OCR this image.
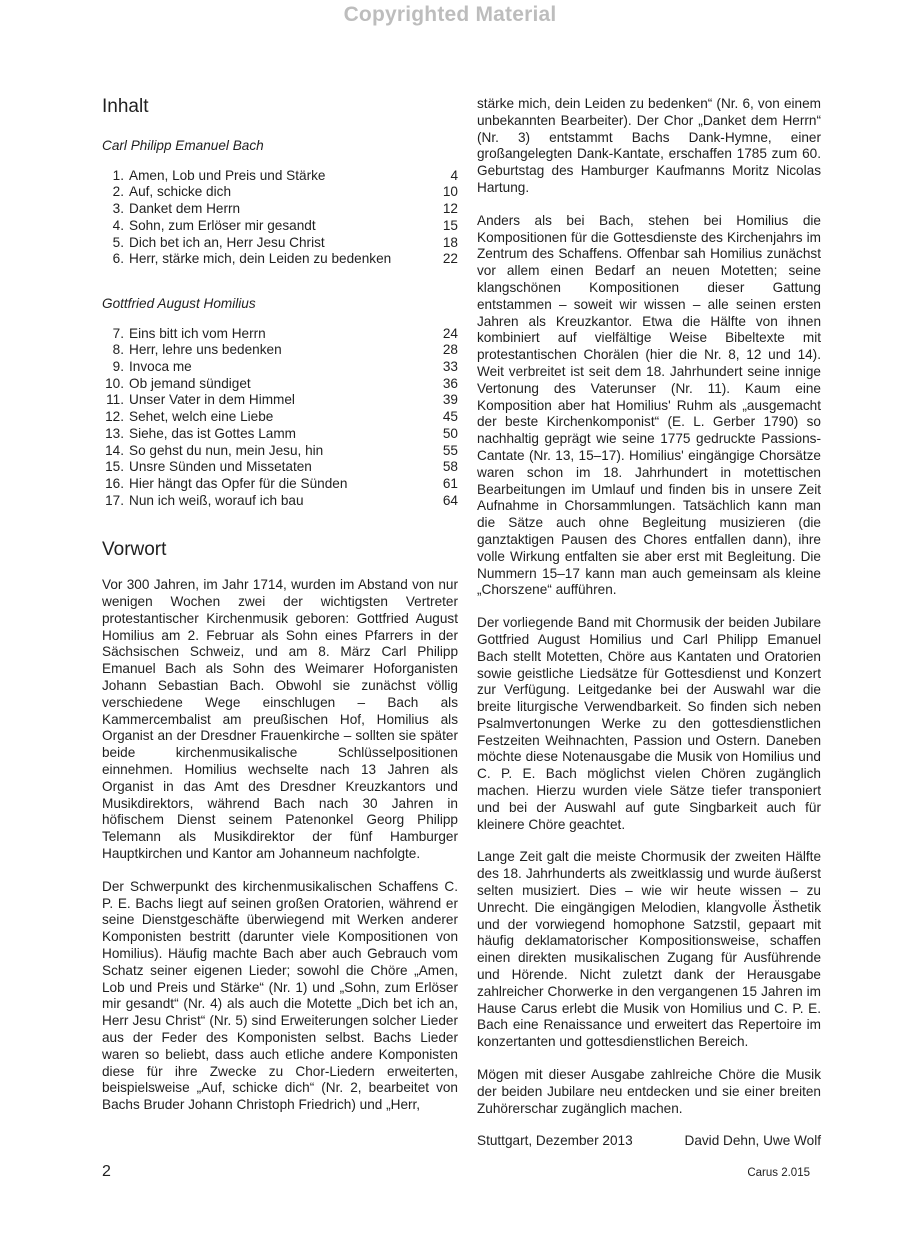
Copyrighted Material
Inhalt
Carl Philipp Emanuel Bach
1. Amen, Lob und Preis und Stärke	4
2. Auf, schicke dich	10
3. Danket dem Herrn	12
4. Sohn, zum Erlöser mir gesandt	15
5. Dich bet ich an, Herr Jesu Christ	18
6. Herr, stärke mich, dein Leiden zu bedenken	22
Gottfried August Homilius
7. Eins bitt ich vom Herrn	24
8. Herr, lehre uns bedenken	28
9. Invoca me	33
10. Ob jemand sündiget	36
11. Unser Vater in dem Himmel	39
12. Sehet, welch eine Liebe	45
13. Siehe, das ist Gottes Lamm	50
14. So gehst du nun, mein Jesu, hin	55
15. Unsre Sünden und Missetaten	58
16. Hier hängt das Opfer für die Sünden	61
17. Nun ich weiß, worauf ich bau	64
Vorwort

Vor 300 Jahren, im Jahr 1714, wurden im Abstand von nur wenigen Wochen zwei der wichtigsten Vertreter protestantischer Kirchenmusik geboren: Gottfried August Homilius am 2. Februar als Sohn eines Pfarrers in der Sächsischen Schweiz, und am 8. März Carl Philipp Emanuel Bach als Sohn des Weimarer Hoforganisten Johann Sebastian Bach. Obwohl sie zunächst völlig verschiedene Wege einschlugen – Bach als Kammercembalist am preußischen Hof, Homilius als Organist an der Dresdner Frauenkirche – sollten sie später beide kirchenmusikalische Schlüsselpositionen einnehmen. Homilius wechselte nach 13 Jahren als Organist in das Amt des Dresdner Kreuzkantors und Musikdirektors, während Bach nach 30 Jahren in höfischem Dienst seinem Patenonkel Georg Philipp Telemann als Musikdirektor der fünf Hamburger Hauptkirchen und Kantor am Johanneum nachfolgte.

Der Schwerpunkt des kirchenmusikalischen Schaffens C. P. E. Bachs liegt auf seinen großen Oratorien, während er seine Dienstgeschäfte überwiegend mit Werken anderer Komponisten bestritt (darunter viele Kompositionen von Homilius). Häufig machte Bach aber auch Gebrauch vom Schatz seiner eigenen Lieder; sowohl die Chöre „Amen, Lob und Preis und Stärke“ (Nr. 1) und „Sohn, zum Erlöser mir gesandt“ (Nr. 4) als auch die Motette „Dich bet ich an, Herr Jesu Christ“ (Nr. 5) sind Erweiterungen solcher Lieder aus der Feder des Komponisten selbst. Bachs Lieder waren so beliebt, dass auch etliche andere Komponisten diese für ihre Zwecke zu Chor-Liedern erweiterten, beispielsweise „Auf, schicke dich“ (Nr. 2, bearbeitet von Bachs Bruder Johann Christoph Friedrich) und „Herr,

stärke mich, dein Leiden zu bedenken“ (Nr. 6, von einem unbekannten Bearbeiter). Der Chor „Danket dem Herrn“ (Nr. 3) entstammt Bachs Dank-Hymne, einer großangelegten Dank-Kantate, erschaffen 1785 zum 60. Geburtstag des Hamburger Kaufmanns Moritz Nicolas Hartung.

Anders als bei Bach, stehen bei Homilius die Kompositionen für die Gottesdienste des Kirchenjahrs im Zentrum des Schaffens. Offenbar sah Homilius zunächst vor allem einen Bedarf an neuen Motetten; seine klangschönen Kompositionen dieser Gattung entstammen – soweit wir wissen – alle seinen ersten Jahren als Kreuzkantor. Etwa die Hälfte von ihnen kombiniert auf vielfältige Weise Bibeltexte mit protestantischen Chorälen (hier die Nr. 8, 12 und 14). Weit verbreitet ist seit dem 18. Jahrhundert seine innige Vertonung des Vaterunser (Nr. 11). Kaum eine Komposition aber hat Homilius' Ruhm als „ausgemacht der beste Kirchenkomponist“ (E. L. Gerber 1790) so nachhaltig geprägt wie seine 1775 gedruckte Passions-Cantate (Nr. 13, 15–17). Homilius' eingängige Chorsätze waren schon im 18. Jahrhundert in motettischen Bearbeitungen im Umlauf und finden bis in unsere Zeit Aufnahme in Chorsammlungen. Tatsächlich kann man die Sätze auch ohne Begleitung musizieren (die ganztaktigen Pausen des Chores entfallen dann), ihre volle Wirkung entfalten sie aber erst mit Begleitung. Die Nummern 15–17 kann man auch gemeinsam als kleine „Chorszene“ aufführen.

Der vorliegende Band mit Chormusik der beiden Jubilare Gottfried August Homilius und Carl Philipp Emanuel Bach stellt Motetten, Chöre aus Kantaten und Oratorien sowie geistliche Liedsätze für Gottesdienst und Konzert zur Verfügung. Leitgedanke bei der Auswahl war die breite liturgische Verwendbarkeit. So finden sich neben Psalmvertonungen Werke zu den gottesdienstlichen Festzeiten Weihnachten, Passion und Ostern. Daneben möchte diese Notenausgabe die Musik von Homilius und C. P. E. Bach möglichst vielen Chören zugänglich machen. Hierzu wurden viele Sätze tiefer transponiert und bei der Auswahl auf gute Singbarkeit auch für kleinere Chöre geachtet.

Lange Zeit galt die meiste Chormusik der zweiten Hälfte des 18. Jahrhunderts als zweitklassig und wurde äußerst selten musiziert. Dies – wie wir heute wissen – zu Unrecht. Die eingängigen Melodien, klangvolle Ästhetik und der vorwiegend homophone Satzstil, gepaart mit häufig deklamatorischer Kompositionsweise, schaffen einen direkten musikalischen Zugang für Ausführende und Hörende. Nicht zuletzt dank der Herausgabe zahlreicher Chorwerke in den vergangenen 15 Jahren im Hause Carus erlebt die Musik von Homilius und C. P. E. Bach eine Renaissance und erweitert das Repertoire im konzertanten und gottesdienstlichen Bereich.

Mögen mit dieser Ausgabe zahlreiche Chöre die Musik der beiden Jubilare neu entdecken und sie einer breiten Zuhörerschar zugänglich machen.

Stuttgart, Dezember 2013	David Dehn, Uwe Wolf
2	Carus 2.015
